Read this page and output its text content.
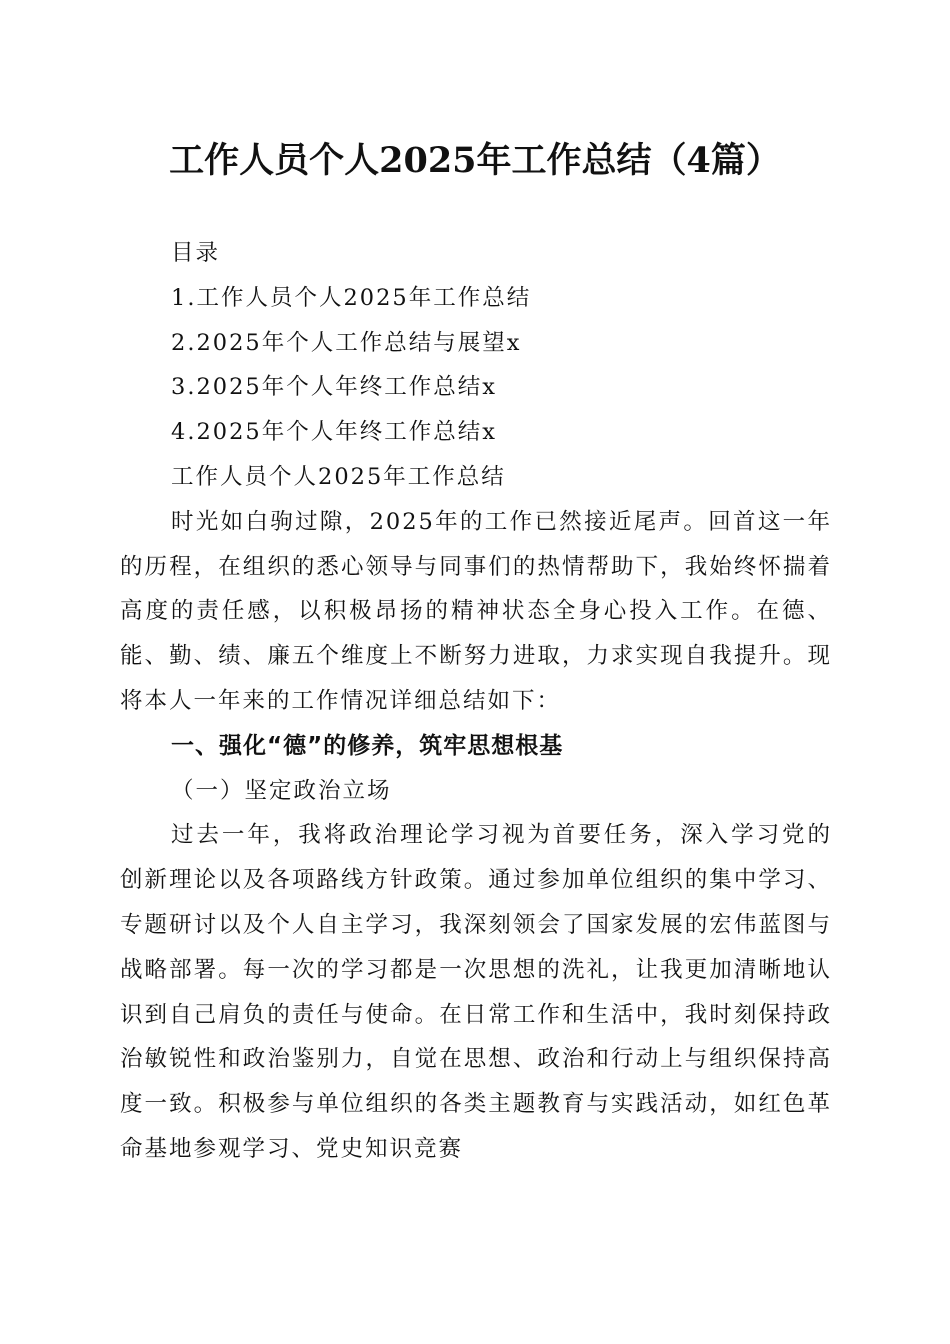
工作人员个人2025年工作总结（4篇）
目录
1.工作人员个人2025年工作总结
2.2025年个人工作总结与展望x
3.2025年个人年终工作总结x
4.2025年个人年终工作总结x
工作人员个人2025年工作总结

时光如白驹过隙，2025年的工作已然接近尾声。回首这一年的历程，在组织的悉心领导与同事们的热情帮助下，我始终怀揣着高度的责任感，以积极昂扬的精神状态全身心投入工作。在德、能、勤、绩、廉五个维度上不断努力进取，力求实现自我提升。现将本人一年来的工作情况详细总结如下：

一、强化“德”的修养，筑牢思想根基
（一）坚定政治立场

过去一年，我将政治理论学习视为首要任务，深入学习党的创新理论以及各项路线方针政策。通过参加单位组织的集中学习、专题研讨以及个人自主学习，我深刻领会了国家发展的宏伟蓝图与战略部署。每一次的学习都是一次思想的洗礼，让我更加清晰地认识到自己肩负的责任与使命。在日常工作和生活中，我时刻保持政治敏锐性和政治鉴别力，自觉在思想、政治和行动上与组织保持高度一致。积极参与单位组织的各类主题教育与实践活动，如红色革命基地参观学习、党史知识竞赛
